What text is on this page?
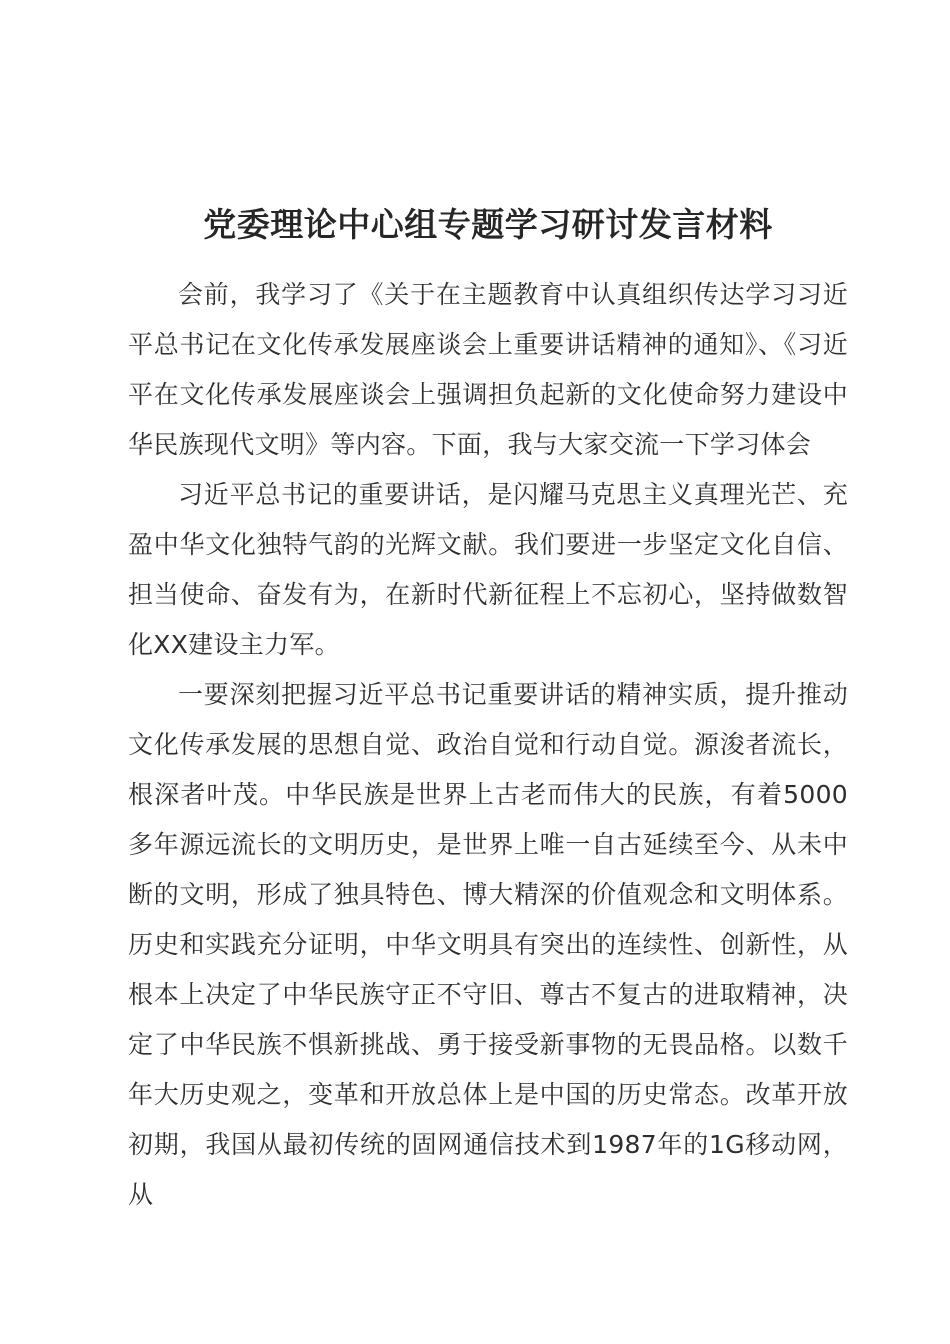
党委理论中心组专题学习研讨发言材料

会前，我学习了《关于在主题教育中认真组织传达学习习近平总书记在文化传承发展座谈会上重要讲话精神的通知》、《习近平在文化传承发展座谈会上强调担负起新的文化使命努力建设中华民族现代文明》等内容。下面，我与大家交流一下学习体会

习近平总书记的重要讲话，是闪耀马克思主义真理光芒、充盈中华文化独特气韵的光辉文献。我们要进一步坚定文化自信、担当使命、奋发有为，在新时代新征程上不忘初心，坚持做数智化XX建设主力军。

一要深刻把握习近平总书记重要讲话的精神实质，提升推动文化传承发展的思想自觉、政治自觉和行动自觉。源浚者流长，根深者叶茂。中华民族是世界上古老而伟大的民族，有着5000多年源远流长的文明历史，是世界上唯一自古延续至今、从未中断的文明，形成了独具特色、博大精深的价值观念和文明体系。历史和实践充分证明，中华文明具有突出的连续性、创新性，从根本上决定了中华民族守正不守旧、尊古不复古的进取精神，决定了中华民族不惧新挑战、勇于接受新事物的无畏品格。以数千年大历史观之，变革和开放总体上是中国的历史常态。改革开放初期，我国从最初传统的固网通信技术到1987年的1G移动网，从
